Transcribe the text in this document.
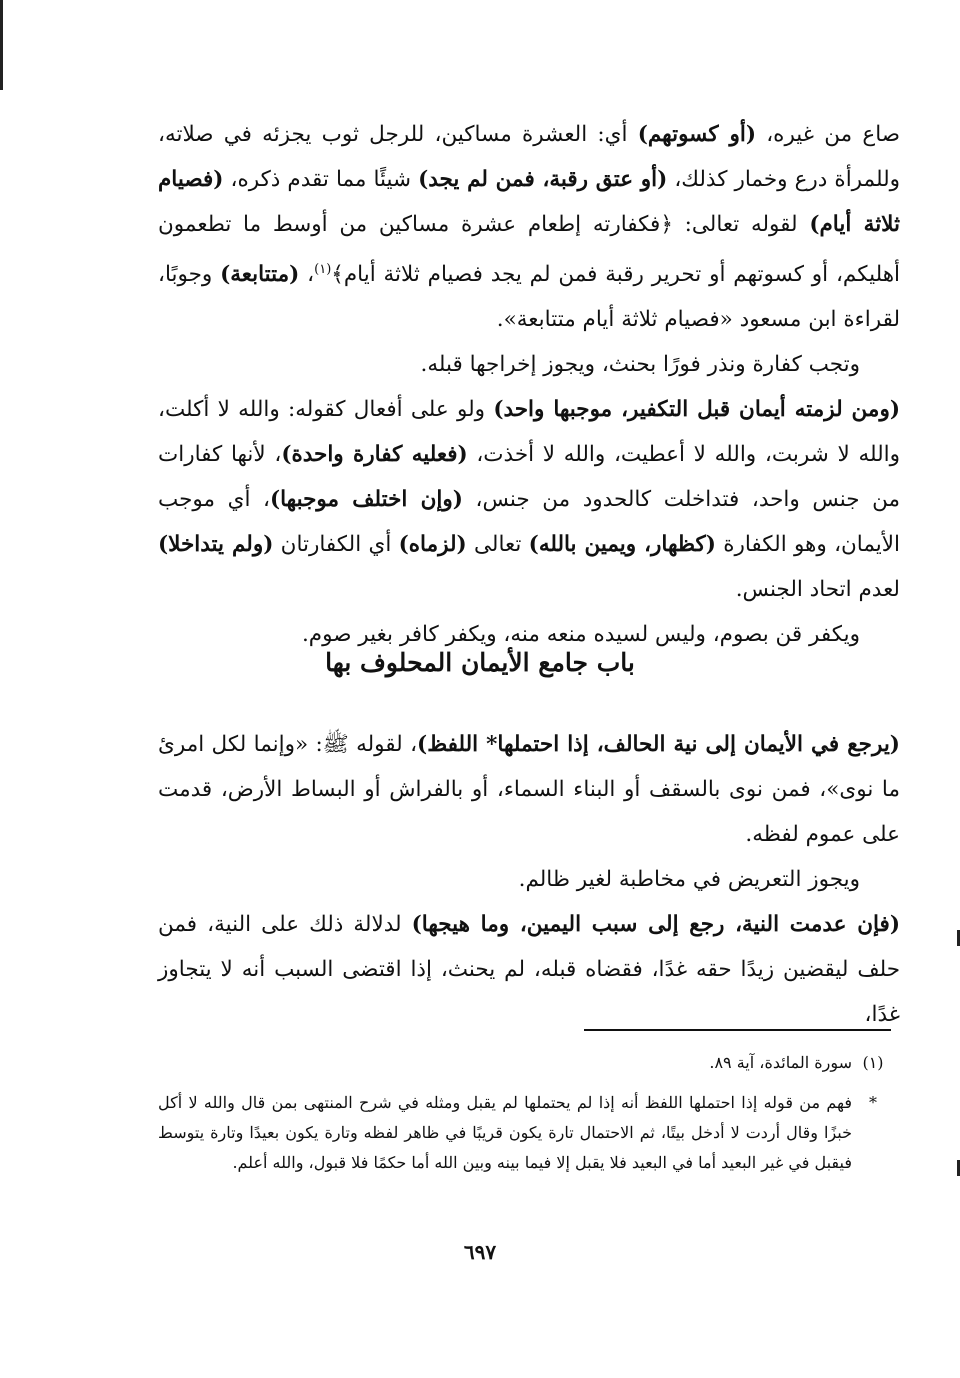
صاع من غيره، (أو كسوتهم) أي: العشرة مساكين، للرجل ثوب يجزئه في صلاته، وللمرأة درع وخمار كذلك، (أو عتق رقبة، فمن لم يجد) شيئًا مما تقدم ذكره، (فصيام ثلاثة أيام) لقوله تعالى: ﴿فكفارته إطعام عشرة مساكين من أوسط ما تطعمون أهليكم، أو كسوتهم أو تحرير رقبة فمن لم يجد فصيام ثلاثة أيام﴾$^{(١)}$، (متتابعة) وجوبًا، لقراءة ابن مسعود «فصيام ثلاثة أيام متتابعة».

وتجب كفارة ونذر فورًا بحنث، ويجوز إخراجها قبله.

(ومن لزمته أيمان قبل التكفير، موجبها واحد) ولو على أفعال كقوله: والله لا أكلت، والله لا شربت، والله لا أعطيت، والله لا أخذت، (فعليه كفارة واحدة)، لأنها كفارات من جنس واحد، فتداخلت كالحدود من جنس، (وإن اختلف موجبها)، أي موجب الأيمان، وهو الكفارة (كظهار، ويمين بالله) تعالى (لزماه) أي الكفارتان (ولم يتداخلا) لعدم اتحاد الجنس.

ويكفر قن بصوم، وليس لسيده منعه منه، ويكفر كافر بغير صوم.

باب جامع الأيمان المحلوف بها

(يرجع في الأيمان إلى نية الحالف، إذا احتملها* اللفظ)، لقوله ﷺ: «وإنما لكل امرئ ما نوى»، فمن نوى بالسقف أو البناء السماء، أو بالفراش أو البساط الأرض، قدمت على عموم لفظه.

ويجوز التعريض في مخاطبة لغير ظالم.

(فإن عدمت النية، رجع إلى سبب اليمين، وما هيجها) لدلالة ذلك على النية، فمن حلف ليقضين زيدًا حقه غدًا، فقضاه قبله، لم يحنث، إذا اقتضى السبب أنه لا يتجاوز غدًا،

(١)
سورة المائدة، آية ٨٩.
*
فهم من قوله إذا احتملها اللفظ أنه إذا لم يحتملها لم يقبل ومثله في شرح المنتهى بمن قال والله لا أكل خبزًا وقال أردت لا أدخل بيتًا، ثم الاحتمال تارة يكون قريبًا في ظاهر لفظه وتارة يكون بعيدًا وتارة يتوسط فيقبل في غير البعيد أما في البعيد فلا يقبل إلا فيما بينه وبين الله أما حكمًا فلا قبول، والله أعلم.
٦٩٧
